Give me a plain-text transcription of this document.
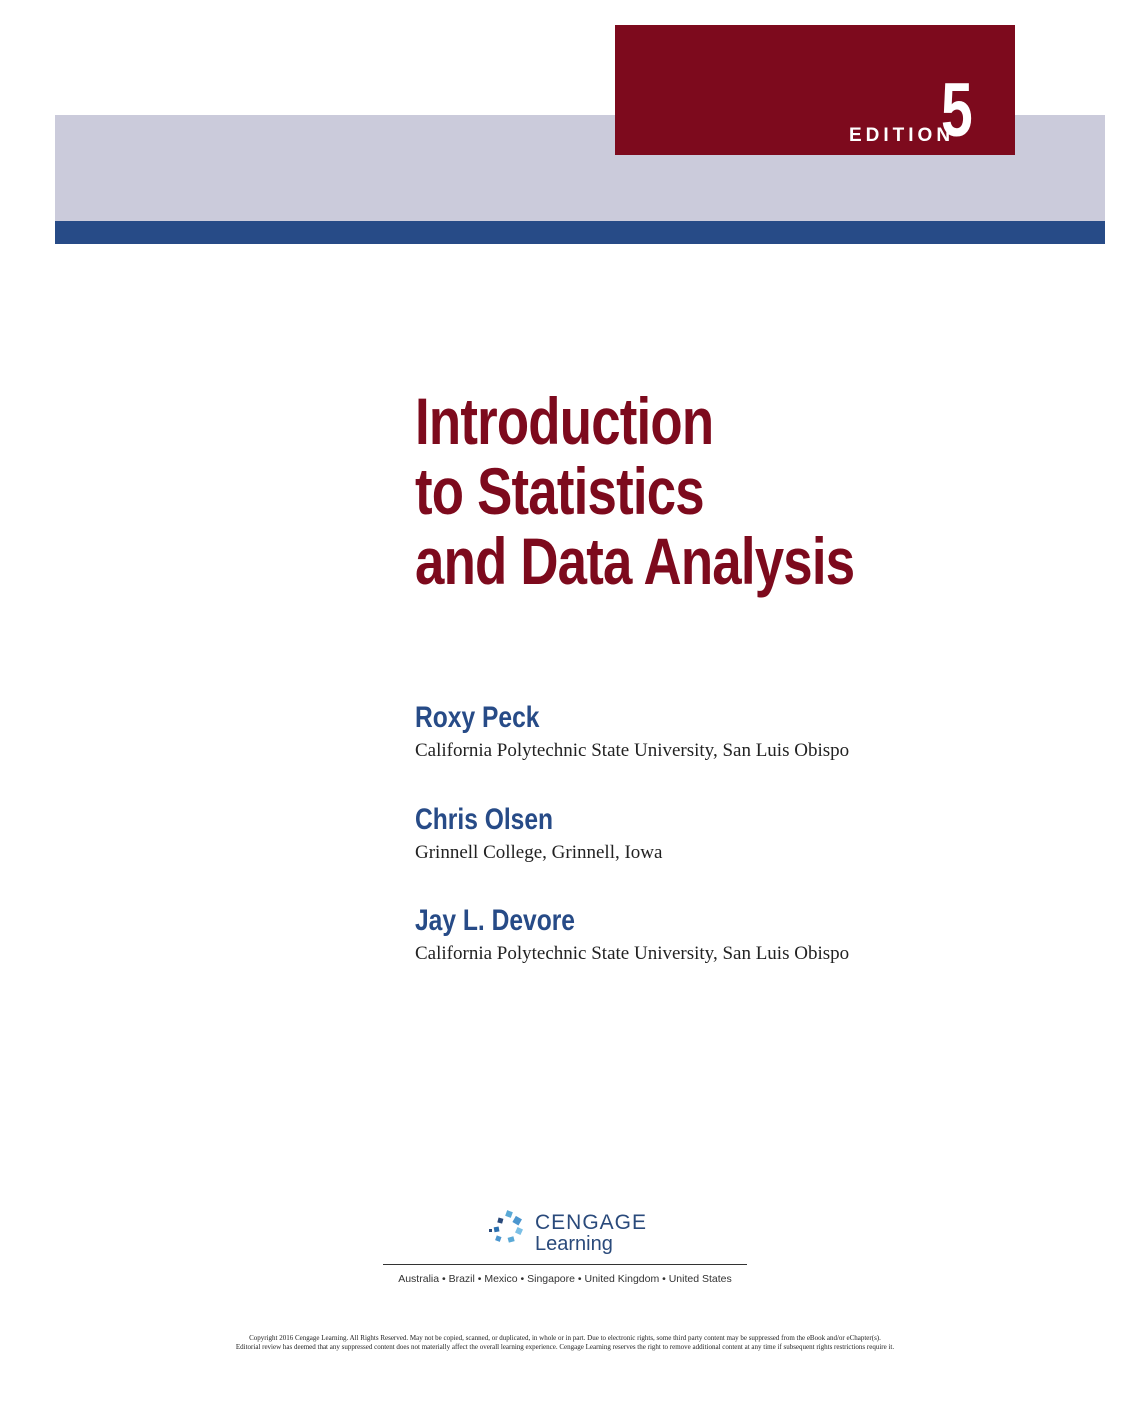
EDITION
5
Introduction
to Statistics
and Data Analysis
Roxy Peck
California Polytechnic State University, San Luis Obispo
Chris Olsen
Grinnell College, Grinnell, Iowa
Jay L. Devore
California Polytechnic State University, San Luis Obispo
CENGAGE
Learning
Australia • Brazil • Mexico • Singapore • United Kingdom • United States
Copyright 2016 Cengage Learning. All Rights Reserved. May not be copied, scanned, or duplicated, in whole or in part. Due to electronic rights, some third party content may be suppressed from the eBook and/or eChapter(s).
Editorial review has deemed that any suppressed content does not materially affect the overall learning experience. Cengage Learning reserves the right to remove additional content at any time if subsequent rights restrictions require it.
